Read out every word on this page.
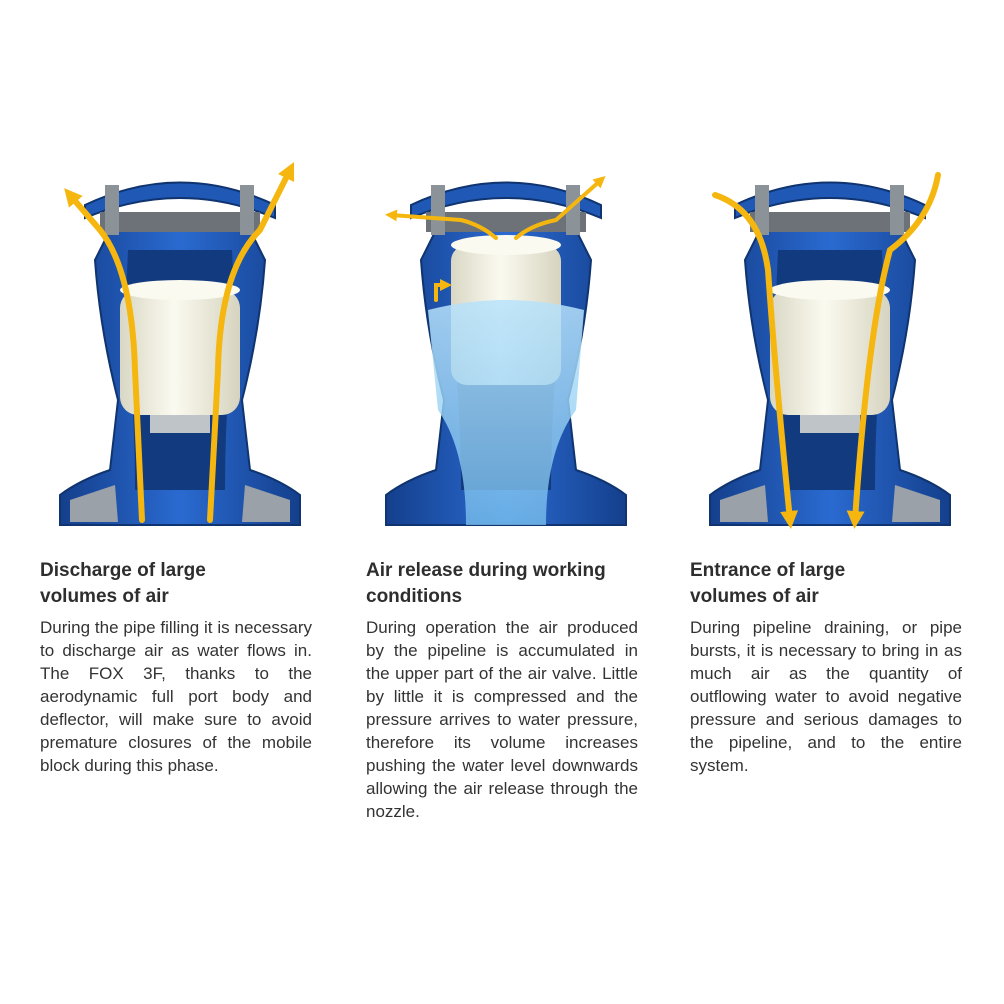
Discharge of large
volumes of air
During the pipe filling it is necessary to discharge air as water flows in. The FOX 3F, thanks to the aerodynamic full port body and deflector, will make sure to avoid premature closures of the mobile block during this phase.
Air release during working
conditions
During operation the air produced by the pipeline is accumulated in the upper part of the air valve. Little by little it is compressed and the pressure arrives to water pressure, therefore its volume increases pushing the water level downwards allowing the air release through the nozzle.
Entrance of large
volumes of air
During pipeline draining, or pipe bursts, it is necessary to bring in as much air as the quantity of outflowing water to avoid negative pressure and serious damages to the pipeline, and to the entire system.
